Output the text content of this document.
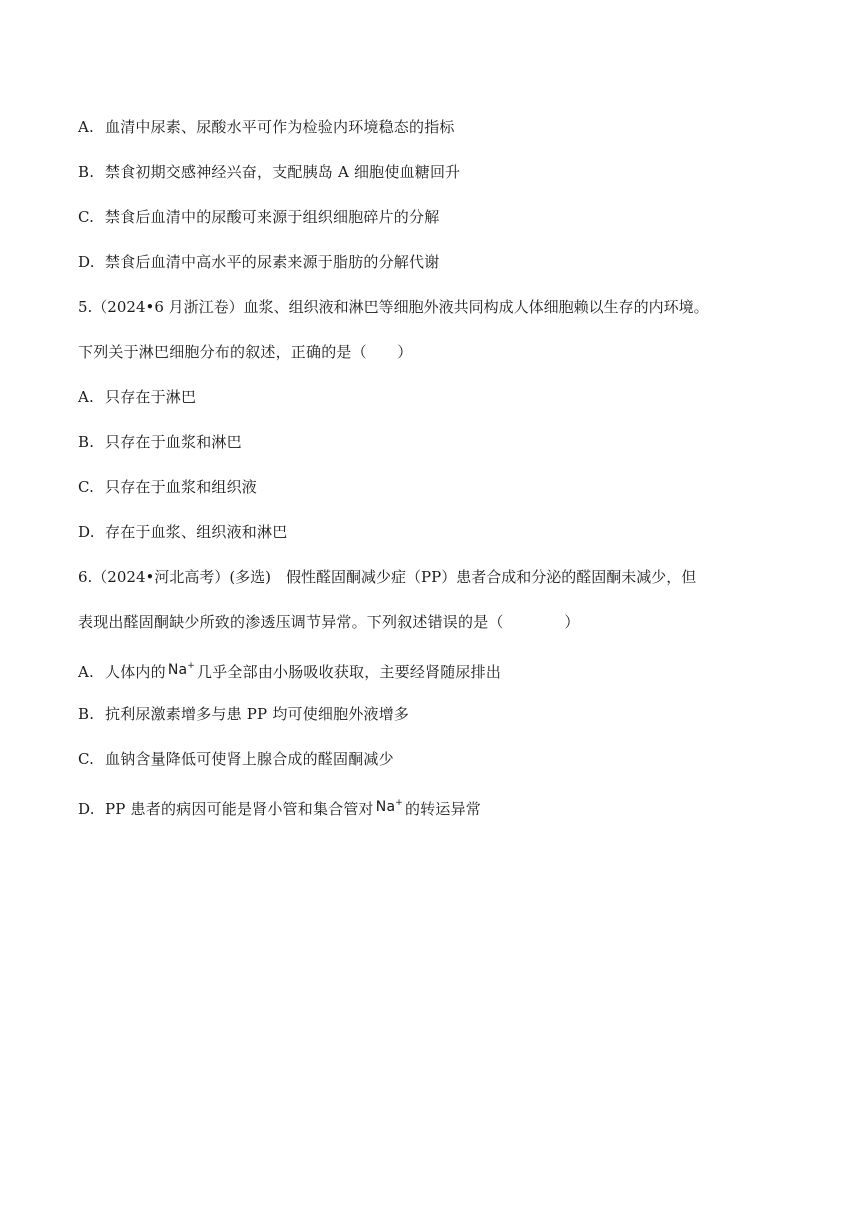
A. 血清中尿素、尿酸水平可作为检验内环境稳态的指标
B. 禁食初期交感神经兴奋，支配胰岛 A 细胞使血糖回升
C. 禁食后血清中的尿酸可来源于组织细胞碎片的分解
D. 禁食后血清中高水平的尿素来源于脂肪的分解代谢
5.（2024•6 月浙江卷）血浆、组织液和淋巴等细胞外液共同构成人体细胞赖以生存的内环境。
下列关于淋巴细胞分布的叙述，正确的是（　　）
A. 只存在于淋巴
B. 只存在于血浆和淋巴
C. 只存在于血浆和组织液
D. 存在于血浆、组织液和淋巴
6.（2024•河北高考）(多选)　假性醛固酮减少症（PP）患者合成和分泌的醛固酮未减少，但
表现出醛固酮缺少所致的渗透压调节异常。下列叙述错误的是（　　　　）
A. 人体内的 Na+ 几乎全部由小肠吸收获取，主要经肾随尿排出
B. 抗利尿激素增多与患 PP 均可使细胞外液增多
C. 血钠含量降低可使肾上腺合成的醛固酮减少
D. PP 患者的病因可能是肾小管和集合管对 Na+ 的转运异常
